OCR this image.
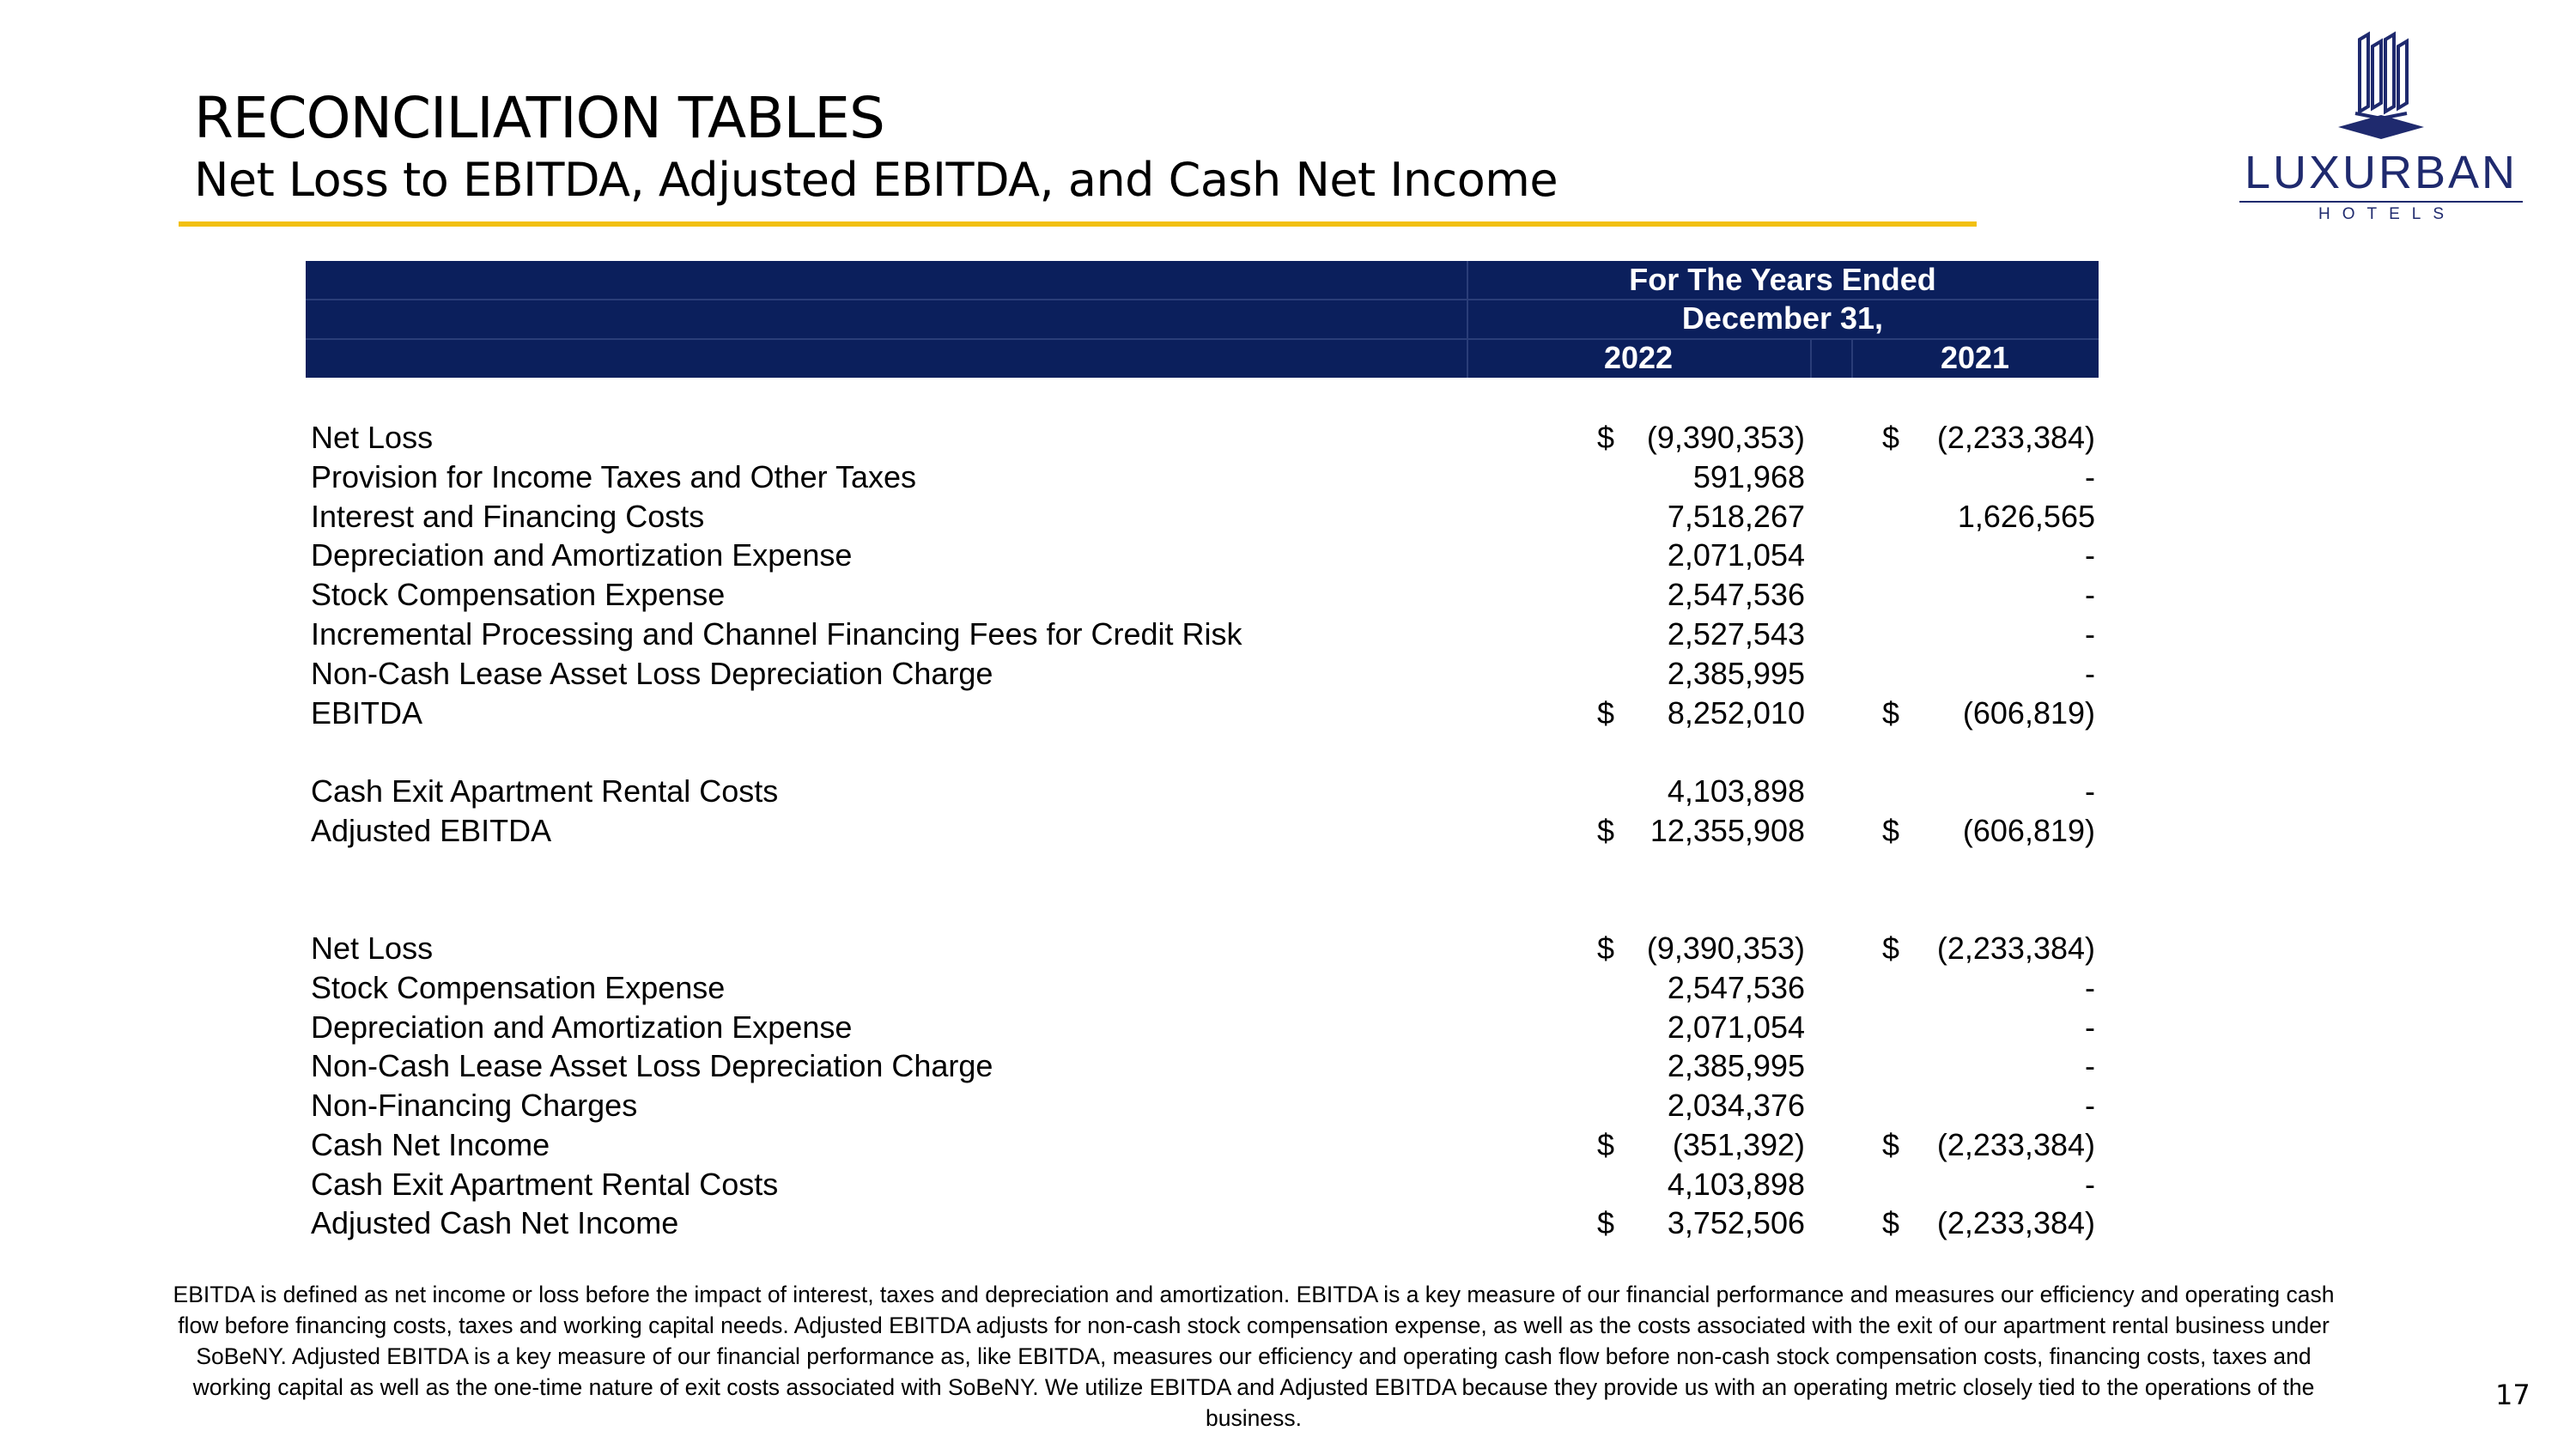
RECONCILIATION TABLES
Net Loss to EBITDA, Adjusted EBITDA, and Cash Net Income	LUXURBAN
HOTELS
For The Years Ended
December 31,
2022	2021
Net Loss	$ (9,390,353)	$ (2,233,384)
Provision for Income Taxes and Other Taxes	591,968	-
Interest and Financing Costs	7,518,267	1,626,565
Depreciation and Amortization Expense	2,071,054	-
Stock Compensation Expense	2,547,536	-
Incremental Processing and Channel Financing Fees for Credit Risk	2,527,543	-
Non-Cash Lease Asset Loss Depreciation Charge	2,385,995	-
EBITDA	$ 8,252,010	$ (606,819)
Cash Exit Apartment Rental Costs	4,103,898	-
Adjusted EBITDA	$ 12,355,908	$ (606,819)
Net Loss	$ (9,390,353)	$ (2,233,384)
Stock Compensation Expense	2,547,536	-
Depreciation and Amortization Expense	2,071,054	-
Non-Cash Lease Asset Loss Depreciation Charge	2,385,995	-
Non-Financing Charges	2,034,376	-
Cash Net Income	$ (351,392)	$ (2,233,384)
Cash Exit Apartment Rental Costs	4,103,898	-
Adjusted Cash Net Income	$ 3,752,506	$ (2,233,384)

EBITDA is defined as net income or loss before the impact of interest, taxes and depreciation and amortization. EBITDA is a key measure of our financial performance and measures our efficiency and operating cash flow before financing costs, taxes and working capital needs. Adjusted EBITDA adjusts for non-cash stock compensation expense, as well as the costs associated with the exit of our apartment rental business under SoBeNY. Adjusted EBITDA is a key measure of our financial performance as, like EBITDA, measures our efficiency and operating cash flow before non-cash stock compensation costs, financing costs, taxes and working capital as well as the one-time nature of exit costs associated with SoBeNY. We utilize EBITDA and Adjusted EBITDA because they provide us with an operating metric closely tied to the operations of the business.

17
